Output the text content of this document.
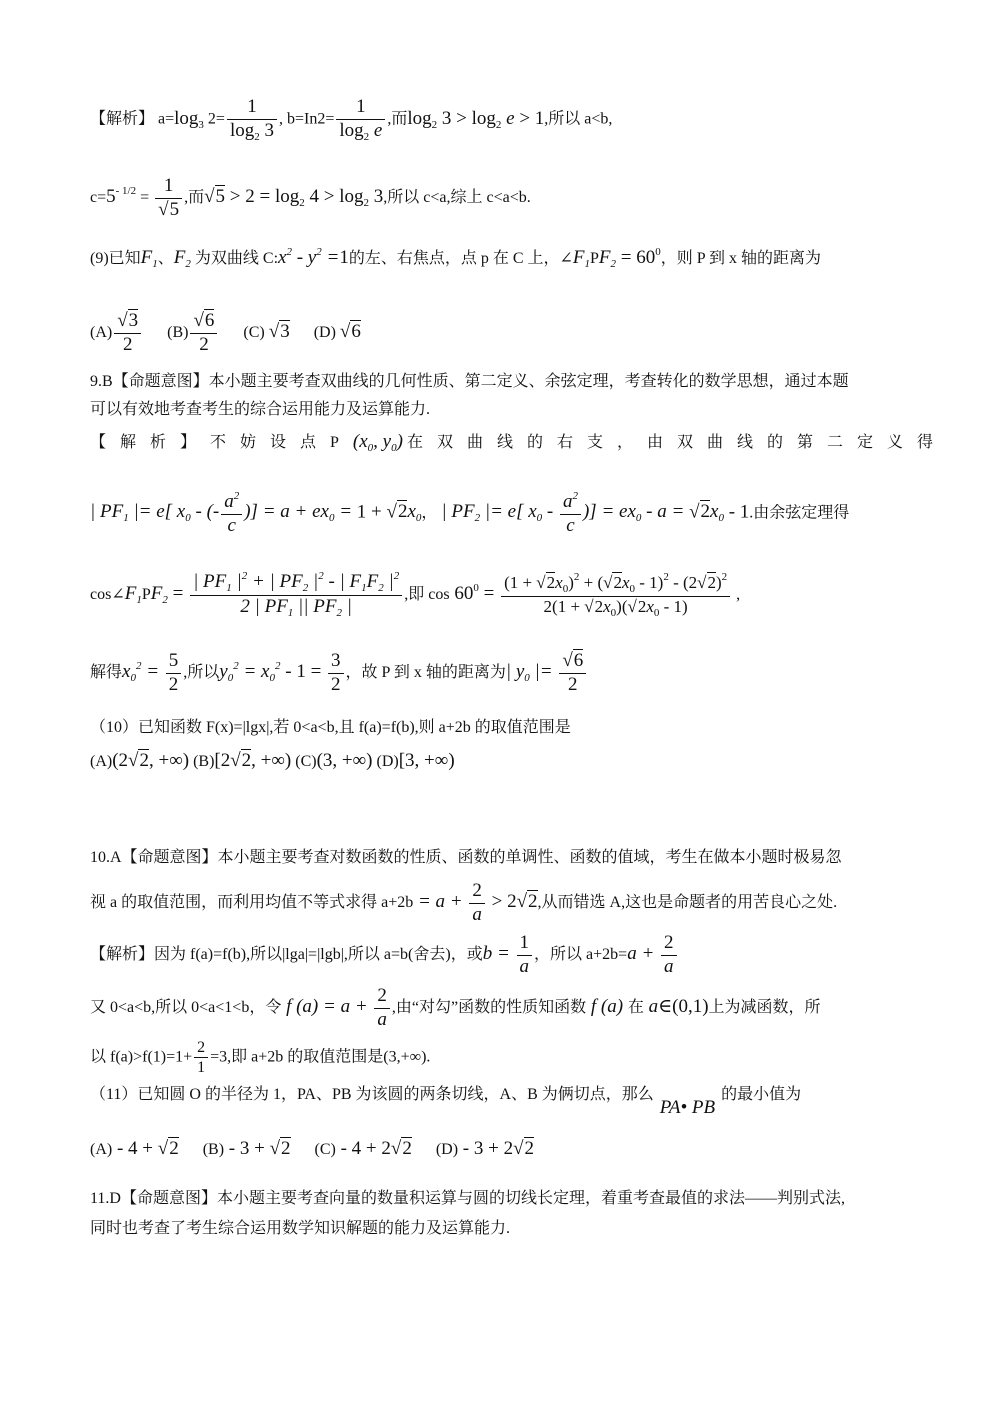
【解析】 $a=\log_3$ $2= \frac{1}{\log_2 3}$ , $b=In2= \frac{1}{\log_2 e}$ ,而$\log_2 3 > \log_2 e > 1$,所以 a<b,
$c=5^{- 1/2} = \frac{1}{√5}$ ,而$√5 > 2 = \log_2 4 > \log_2 3$,所以 c<a,综上 c<a<b.
(9)已知$F_1$、$F_2$ 为双曲线 $C:x^2 - y^2 =1$的左、右焦点，点 p 在 C 上，$\angle F_1PF_2 = 60^0$，则 P 到 x 轴的距离为
$(A) \frac{√3}{2} (B) \frac{√6}{2} (C)$ √3 (D) √6
9.B【命题意图】本小题主要考查双曲线的几何性质、第二定义、余弦定理，考查转化的数学思想，通过本题
可以有效地考查考生的综合运用能力及运算能力.
【解析】不妨设点$P(x_0$, $y_0$) 在双曲线的右支，由双曲线的第二定义得
| $PF_1$ |= e[ $x_0$ - (- $\frac{a^2}{c}$ )] = $a + ex_0 = 1 + √2x_0$， | $PF_2$ |= e[ $x_0 - \frac{a^2}{c}$ )] = $ex_0 - a = √2x_0 - 1$.由余弦定理得
$\cos\angle F_1PF_2 = \frac{| PF_1 |^2 + | PF_2 |^2 - | F_1F_2 |^2}{2 | PF_1 || PF_2 |}$ ,即 $\cos 60^0 = \frac{(1 + √2x_0)^2 + (√2x_0 - 1)^2 - (2√2)^2}{2(1 + √2x_0)(√2x_0 - 1)}$ ,
解得$x_0^2 = \frac{5}{2}$ ,所以$y_0^2 = x_0^2 - 1 = \frac{3}{2}$ ，故 P 到 x 轴的距离为| $y_0$ |= $\frac{√6}{2}$
（10）已知函数 F(x)=|lgx|,若 0<a<b,且 f(a)=f(b),则 a+2b 的取值范围是
(A)(2√2, +∞) (B)[2√2, +∞) (C)(3, +∞) (D)[3, +∞)
10.A【命题意图】本小题主要考查对数函数的性质、函数的单调性、函数的值域，考生在做本小题时极易忽
视 a 的取值范围，而利用均值不等式求得 $a+2b = a + \frac{2}{a} > 2√2$,从而错选 A,这也是命题者的用苦良心之处.
【解析】因为 f(a)=f(b),所以|lga|=|lgb|,所以 a=b(舍去)，或$b = \frac{1}{a}$ ，所以 $a+2b=a + \frac{2}{a}$
又 0<a<b,所以 0<a<1<b，令 f $(a) = a + \frac{2}{a}$ ,由“对勾”函数的性质知函数 f (a) 在 a∈(0,1)上为减函数，所
以 $f(a)>f(1)=1+ \frac{2}{1} =3$,即 a+2b 的取值范围是(3,+∞).
（11）已知圆 O 的半径为 1，PA、PB 为该圆的两条切线，A、B 为俩切点，那么PA• PB的最小值为
(A) - 4 + √2 (B) - 3 + √2 (C) - 4 + 2√2 (D) - 3 + 2√2
11.D【命题意图】本小题主要考查向量的数量积运算与圆的切线长定理，着重考查最值的求法——判别式法,
同时也考查了考生综合运用数学知识解题的能力及运算能力.
